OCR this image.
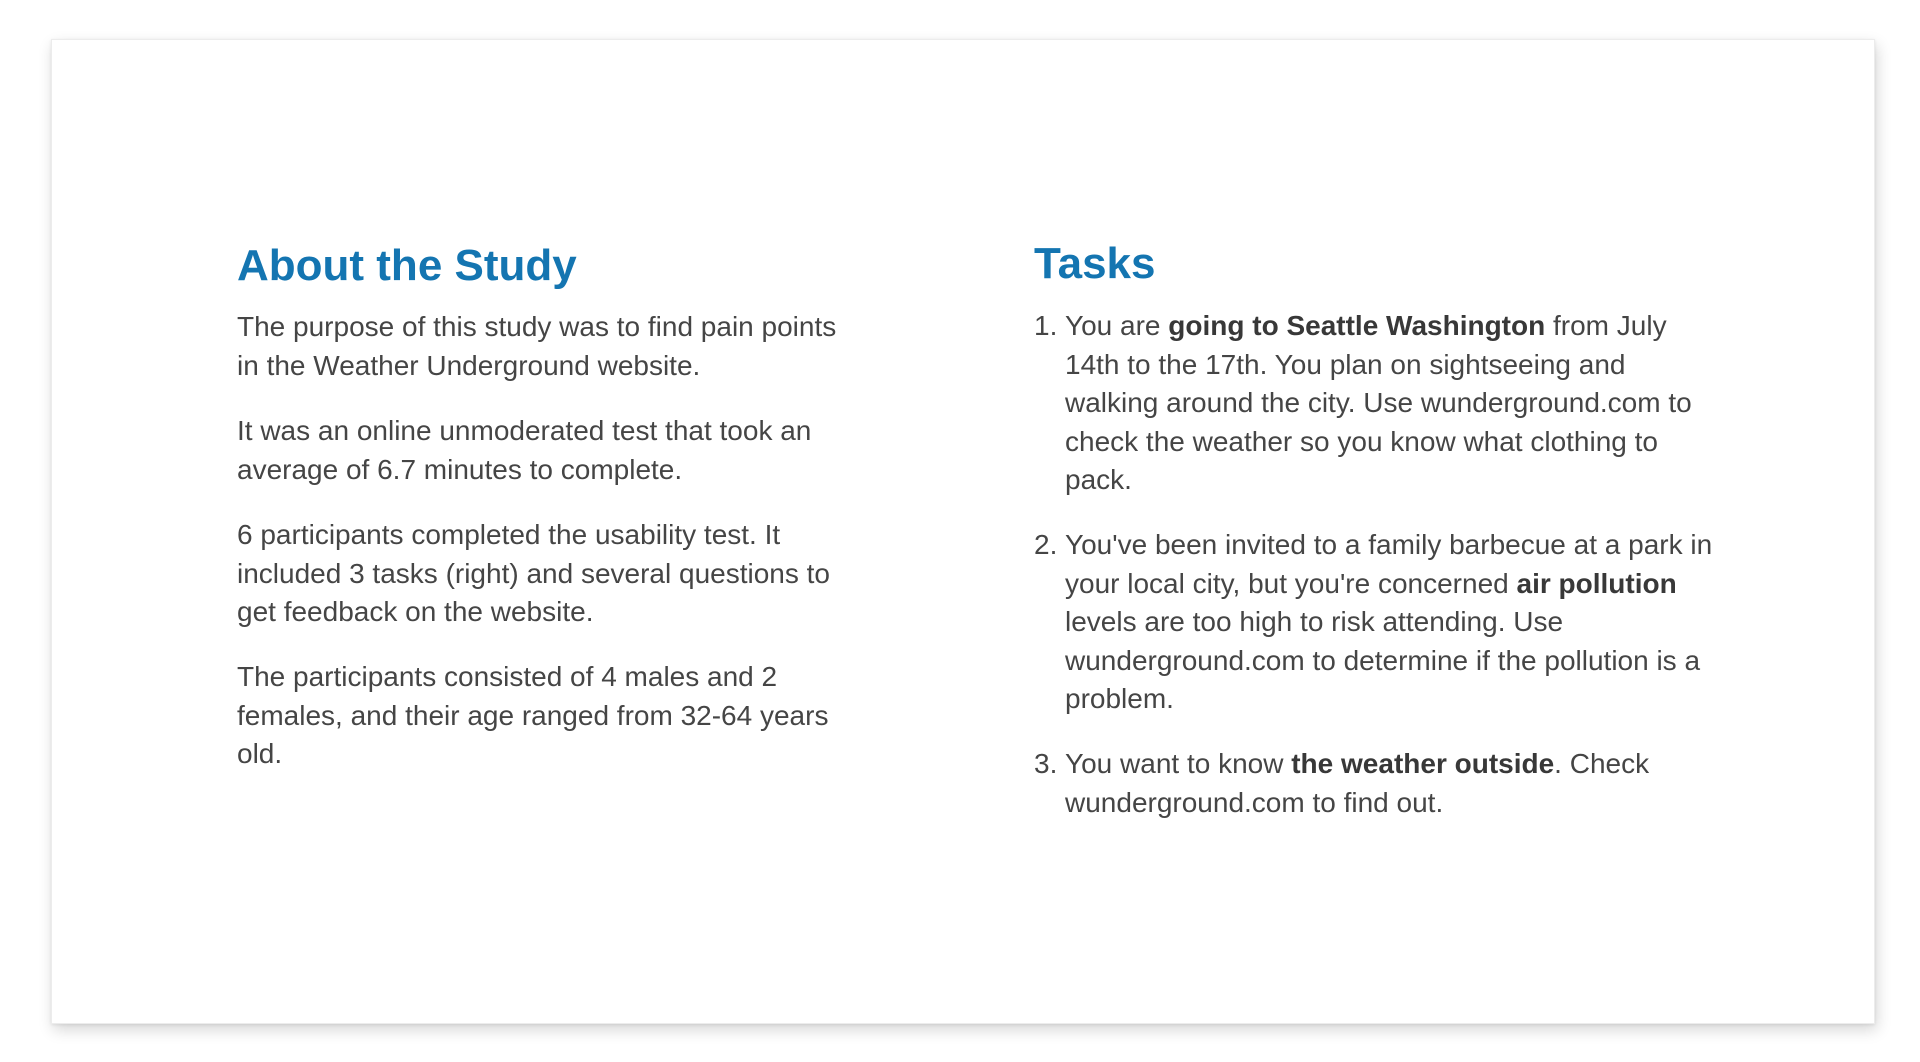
About the Study

The purpose of this study was to find pain points in the Weather Underground website.

It was an online unmoderated test that took an average of 6.7 minutes to complete.

6 participants completed the usability test. It included 3 tasks (right) and several questions to get feedback on the website.

The participants consisted of 4 males and 2 females, and their age ranged from 32-64 years old.

Tasks

1. You are going to Seattle Washington from July 14th to the 17th. You plan on sightseeing and walking around the city. Use wunderground.com to check the weather so you know what clothing to pack.

2. You've been invited to a family barbecue at a park in your local city, but you're concerned air pollution levels are too high to risk attending. Use wunderground.com to determine if the pollution is a problem.

3. You want to know the weather outside. Check wunderground.com to find out.
